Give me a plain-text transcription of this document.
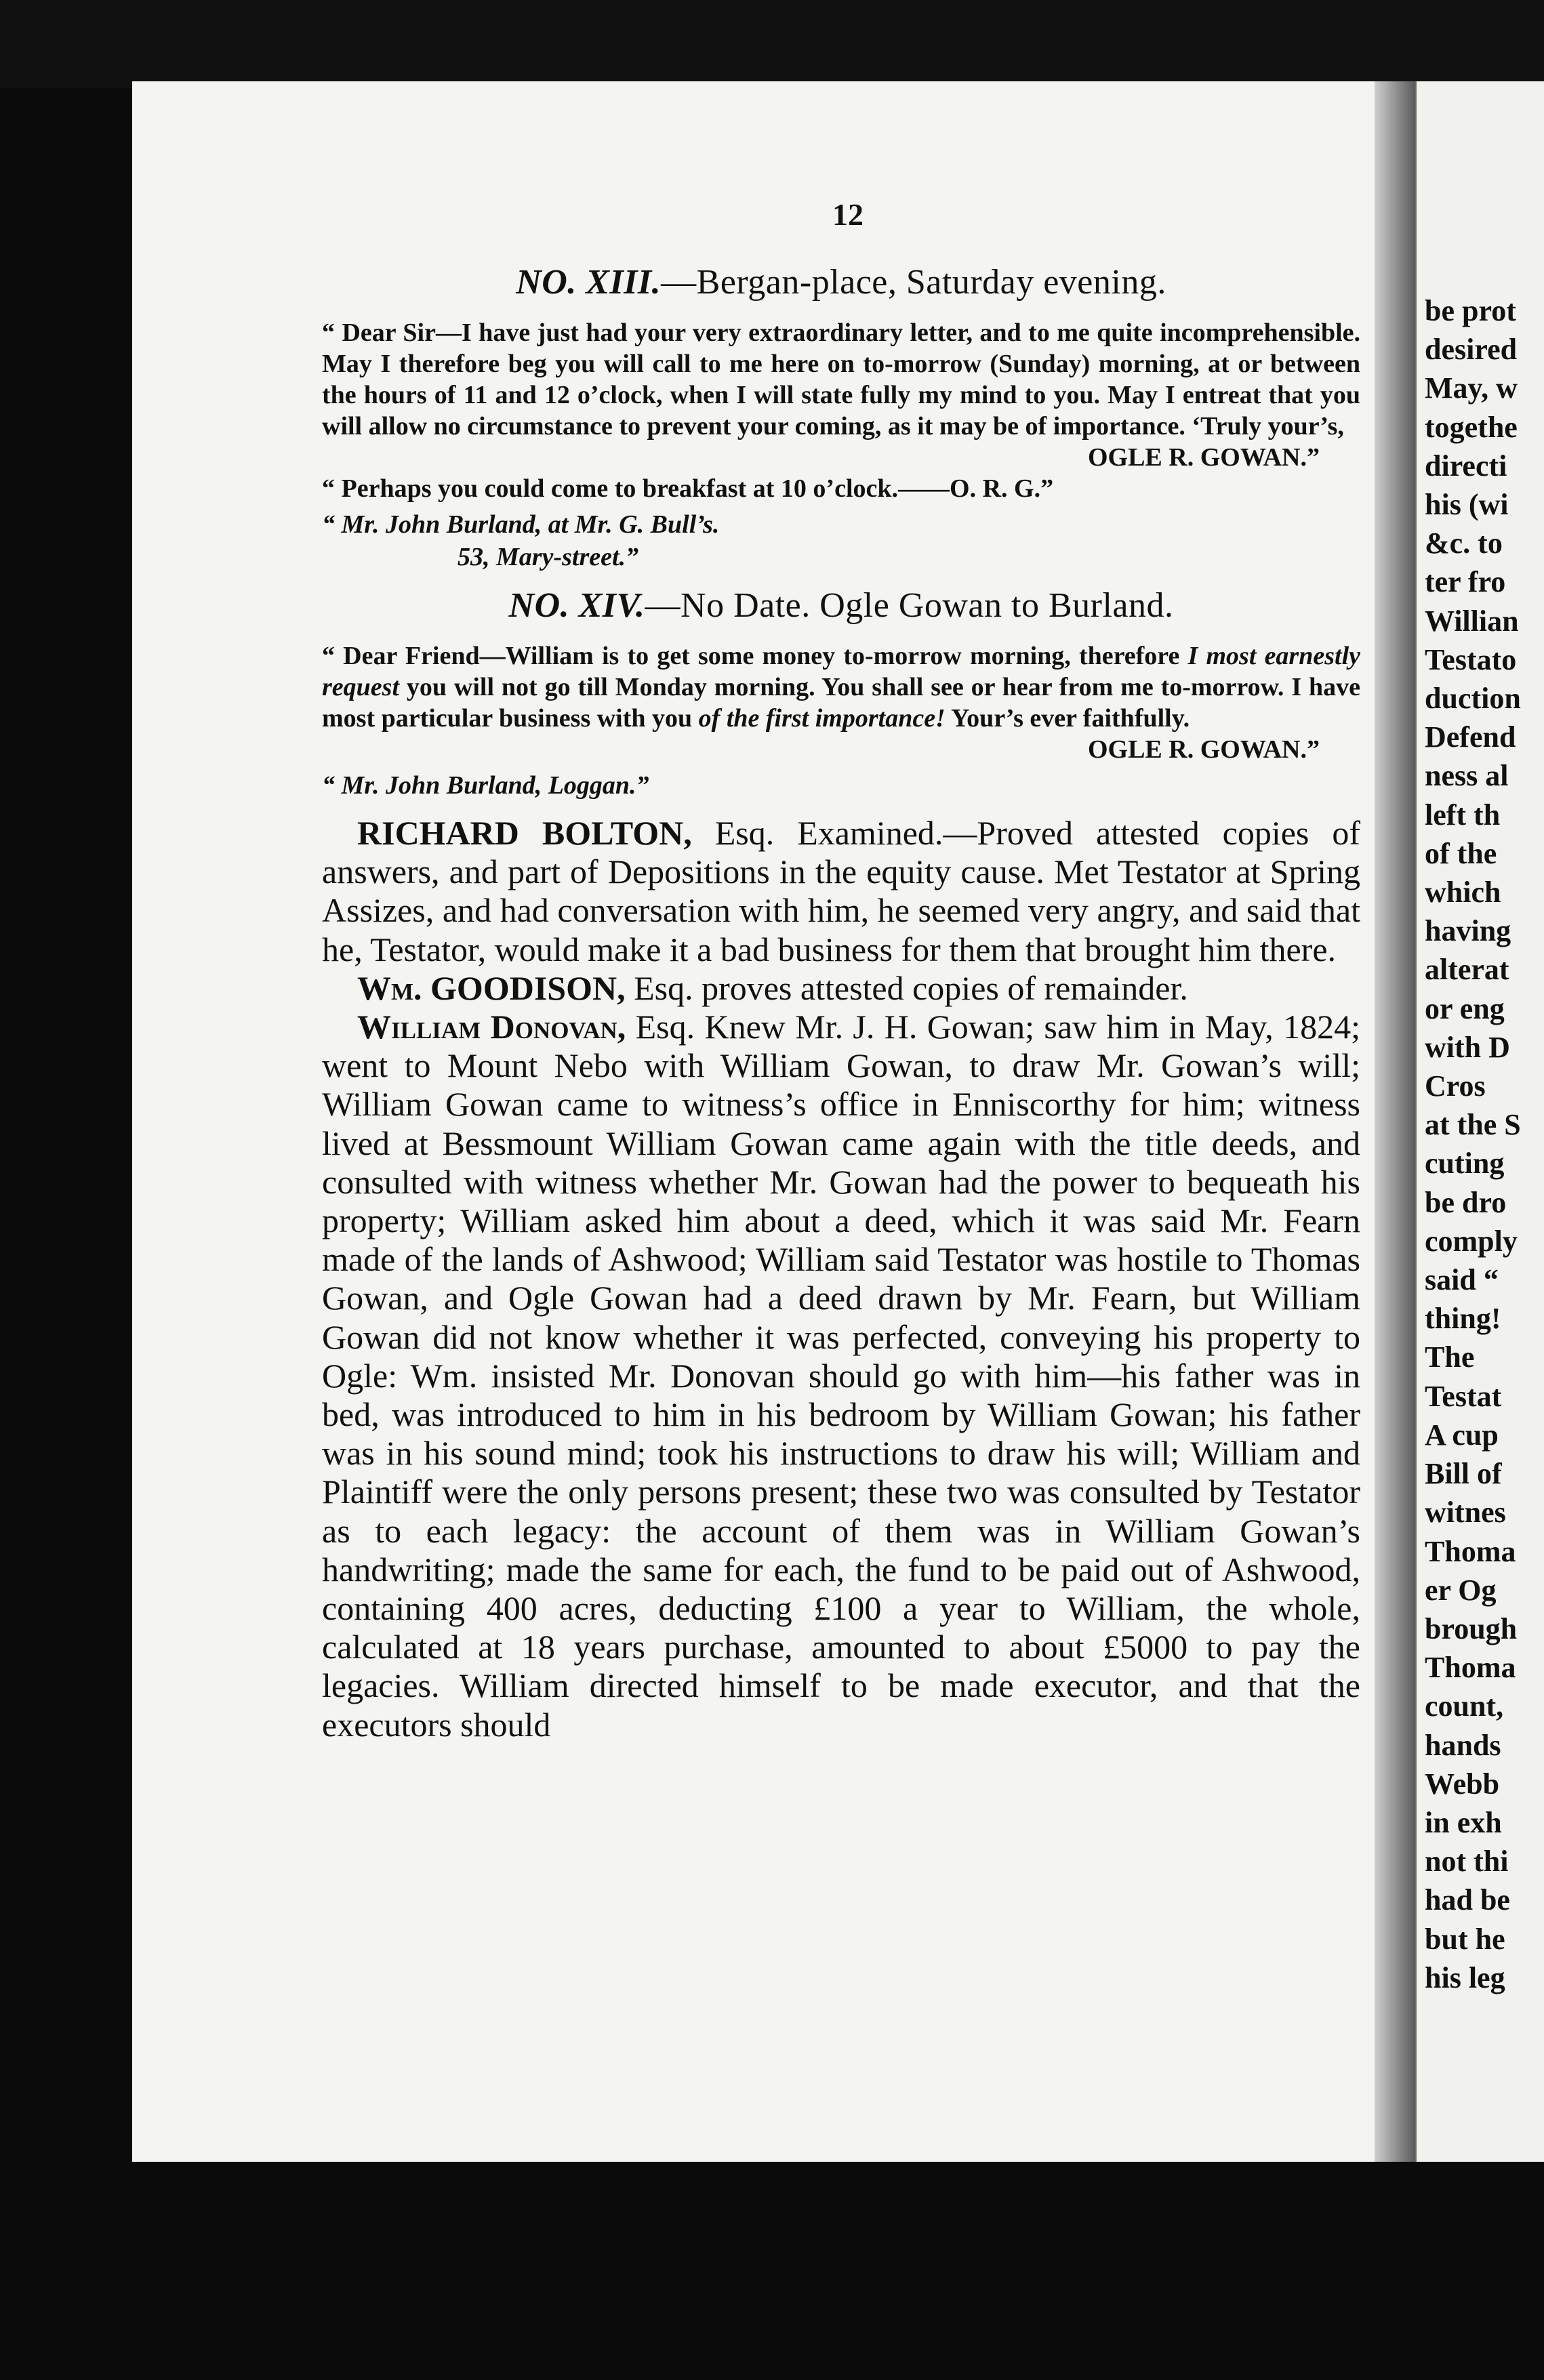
be prot
desired
May, w
togethe
directi
his (wi
&c. to
ter fro
Willian
Testato
duction
Defend
ness al
left th
of the
which
having
alterat
or eng
with D
Cros
at the S
cuting
be dro
comply
said “
thing!
The
Testat
A cup
Bill of
witnes
Thoma
er Og
brough
Thoma
count,
hands
Webb
in exh
not thi
had be
but he
his leg
12
NO. XIII.—Bergan-place, Saturday evening.

“ Dear Sir—I have just had your very extraordinary letter, and to me quite incomprehensible. May I therefore beg you will call to me here on to-morrow (Sunday) morning, at or between the hours of 11 and 12 o’clock, when I will state fully my mind to you. May I entreat that you will allow no circumstance to prevent your coming, as it may be of importance. ‘Truly your’s,

OGLE R. GOWAN.”

“ Perhaps you could come to breakfast at 10 o’clock.——O. R. G.”

“ Mr. John Burland, at Mr. G. Bull’s.
53, Mary-street.”
NO. XIV.—No Date. Ogle Gowan to Burland.

“ Dear Friend—William is to get some money to-morrow morning, therefore I most earnestly request you will not go till Monday morning. You shall see or hear from me to-morrow. I have most particular business with you of the first importance! Your’s ever faithfully.

OGLE R. GOWAN.”
“ Mr. John Burland, Loggan.”

RICHARD BOLTON, Esq. Examined.—Proved attested copies of answers, and part of Depositions in the equity cause. Met Testator at Spring Assizes, and had conversation with him, he seemed very angry, and said that he, Testator, would make it a bad business for them that brought him there.

Wm. GOODISON, Esq. proves attested copies of remainder.

William Donovan, Esq. Knew Mr. J. H. Gowan; saw him in May, 1824; went to Mount Nebo with William Gowan, to draw Mr. Gowan’s will; William Gowan came to witness’s office in Enniscorthy for him; witness lived at Bessmount William Gowan came again with the title deeds, and consulted with witness whether Mr. Gowan had the power to bequeath his property; William asked him about a deed, which it was said Mr. Fearn made of the lands of Ashwood; William said Testator was hostile to Thomas Gowan, and Ogle Gowan had a deed drawn by Mr. Fearn, but William Gowan did not know whether it was perfected, conveying his property to Ogle: Wm. insisted Mr. Donovan should go with him—his father was in bed, was introduced to him in his bedroom by William Gowan; his father was in his sound mind; took his instructions to draw his will; William and Plaintiff were the only persons present; these two was consulted by Testator as to each legacy: the account of them was in William Gowan’s handwriting; made the same for each, the fund to be paid out of Ashwood, containing 400 acres, deducting £100 a year to William, the whole, calculated at 18 years purchase, amounted to about £5000 to pay the legacies. William directed himself to be made executor, and that the executors should
